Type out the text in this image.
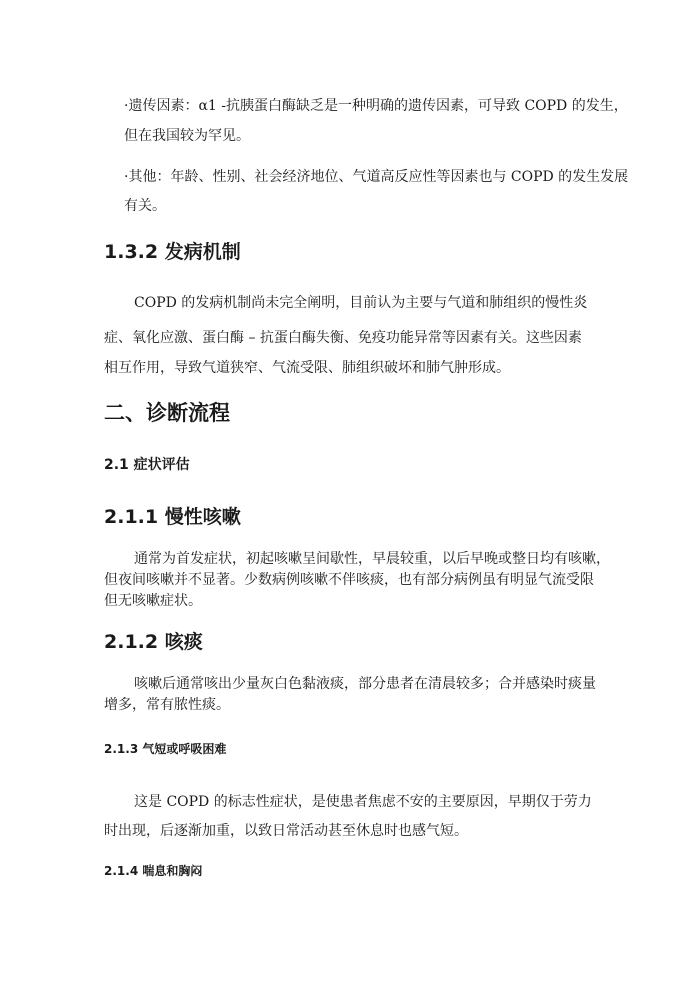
·遗传因素：α1 -抗胰蛋白酶缺乏是一种明确的遗传因素，可导致 COPD 的发生，

但在我国较为罕见。

·其他：年龄、性别、社会经济地位、气道高反应性等因素也与 COPD 的发生发展

有关。

1.3.2 发病机制

COPD 的发病机制尚未完全阐明，目前认为主要与气道和肺组织的慢性炎

症、氧化应激、蛋白酶 – 抗蛋白酶失衡、免疫功能异常等因素有关。这些因素

相互作用，导致气道狭窄、气流受限、肺组织破坏和肺气肿形成。

二、诊断流程
2.1 症状评估
2.1.1 慢性咳嗽

通常为首发症状，初起咳嗽呈间歇性，早晨较重，以后早晚或整日均有咳嗽，

但夜间咳嗽并不显著。少数病例咳嗽不伴咳痰，也有部分病例虽有明显气流受限

但无咳嗽症状。

2.1.2 咳痰

咳嗽后通常咳出少量灰白色黏液痰，部分患者在清晨较多；合并感染时痰量

增多，常有脓性痰。

2.1.3 气短或呼吸困难

这是 COPD 的标志性症状，是使患者焦虑不安的主要原因，早期仅于劳力

时出现，后逐渐加重，以致日常活动甚至休息时也感气短。

2.1.4 喘息和胸闷
